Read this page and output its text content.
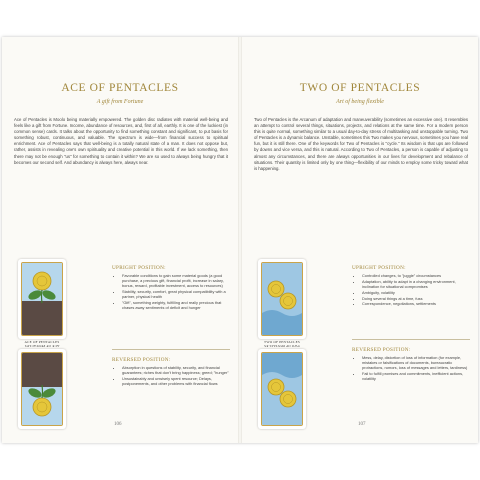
ACE OF PENTACLES
A gift from Fortune

Ace of Pentacles is Moolo being materially empowered. The golden disc radiates with material well-being and feels like a gift from Fortune. Income, abundance of resources, and, first of all, earthly. It is one of the luckiest (in common sense) cards. It talks about the opportunity to find something constant and significant, to put basis for something robust, continuous, and valuable. The spectrum is wide—from financial success to spiritual enrichment. Ace of Pentacles says that well-being is a totally natural state of a man. It does not oppose but, rather, assists in revealing one's own spirituality and creative potential in this world. If we lack something, then there may not be enough "us" for something to contain it within? We are so used to always being hungry that it becomes our second self. And abundancy is always here, always near.

ACE OF PENTACLES
ACE OF PENTACLES
UPRIGHT POSITION:
• Favorable conditions to gain some material goods (a good purchase, a precious gift, financial profit, increase in salary, bonus, reward, profitable investment, access to resources)
• Stability, security, comfort, great physical compatibility with a partner, physical health
• "Gift", something weighty, fulfilling and really precious that chases away sentiments of deficit and hunger
REVERSED POSITION:
• Absorption in questions of stability, security, and financial guarantees; riches that don't bring happiness; greed; "hunger"
• Unsustainably and unwisely spent resource; Delays, postponements, and other problems with financial flows
106
TWO OF PENTACLES
Art of being flexible

Two of Pentacles is the Arcanum of adaptation and maneuverability (sometimes an excessive one). It resembles an attempt to control several things, situations, projects, and relations at the same time. For a modern person this is quite normal, something similar to a usual day-to-day stress of multitasking and unstoppable turning. Two of Pentacles is a dynamic balance. Unstable, sometimes this Two makes you nervous, sometimes you have real fun, but it is still there. One of the keywords for Two of Pentacles is "cycle." Its wisdom is that ups are followed by downs and vice versa, and this is natural. According to Two of Pentacles, a person is capable of adjusting to almost any circumstances, and there are always opportunities in our lives for development and rebalance of situations. Their quantity is limited only by one thing—flexibility of our minds to employ some tricky toward what is happening.

TWO OF PENTACLES
TWO OF PENTACLES
UPRIGHT POSITION:
• Controlled changes, to "juggle" circumstances
• Adaptation, ability to adapt in a changing environment, inclination for situational compromises
• Ambiguity, volatility
• Doing several things at a time, fuss
• Correspondence, negotiations, settlements
REVERSED POSITION:
• Mess, delay, distortion of loss of information (for example, mistakes or falsifications of documents, bureaucratic protractions, rumors, loss of messages and letters, tardiness)
• Fail to fulfill promises and commitments, inefficient actions, volatility
107
